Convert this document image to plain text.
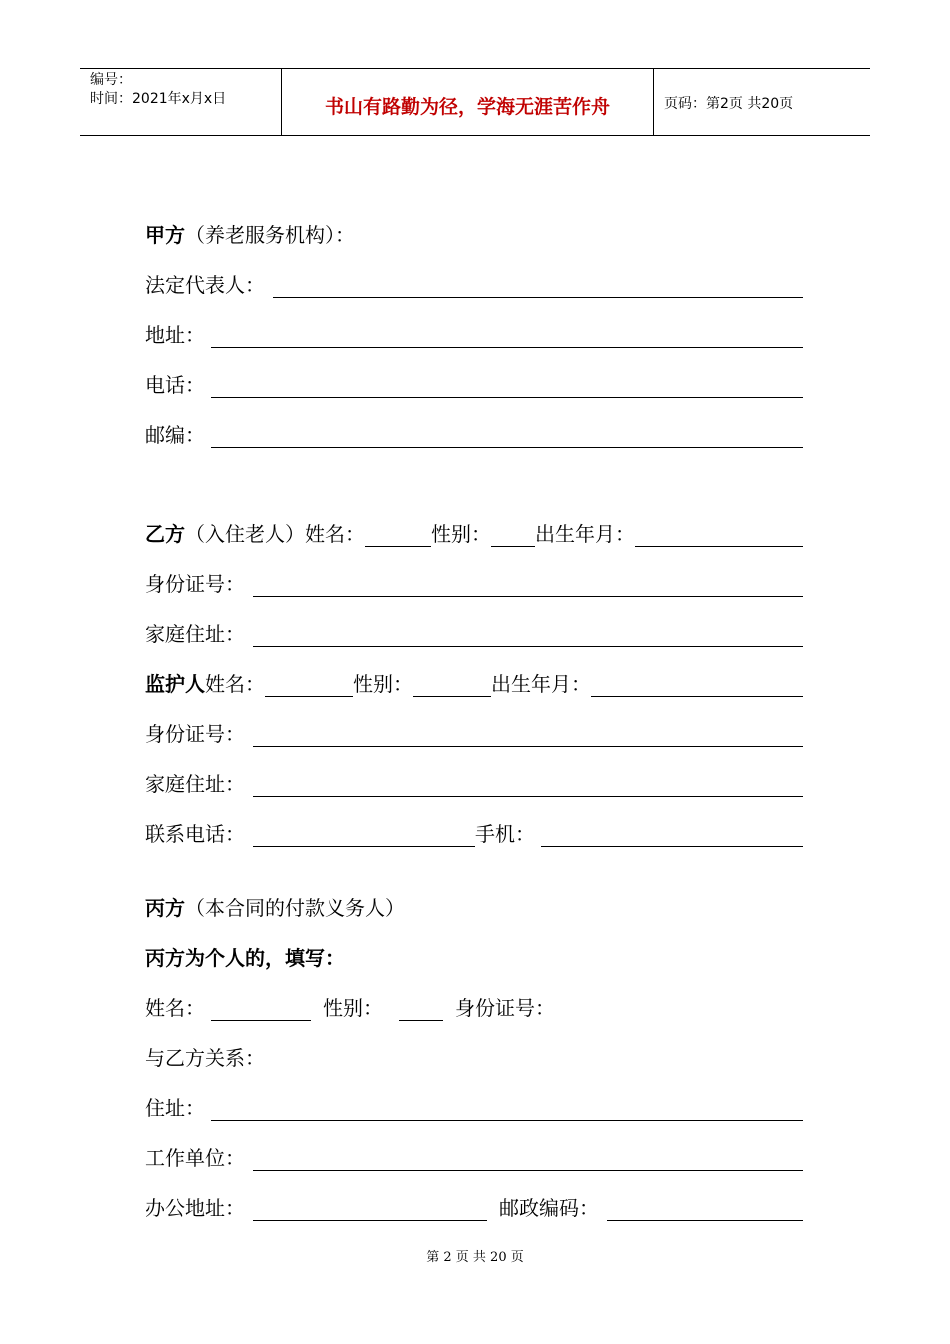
编号：
时间：2021年x月x日	书山有路勤为径，学海无涯苦作舟	页码：第2页 共20页
甲方 （养老服务机构）：
法定代表人：
地址：
电话：
邮编：
乙方 （入住老人）姓名：	性别： 出生年月：
身份证号：
家庭住址：
监护人 姓名：	性别：	出生年月：
身份证号：
家庭住址：
联系电话：	手机：
丙方 （本合同的付款义务人）
丙方为个人的，填写：
姓名：	性别：	身份证号：
与乙方关系：
住址：
工作单位：
办公地址：	邮政编码：
第 2 页 共 20 页
